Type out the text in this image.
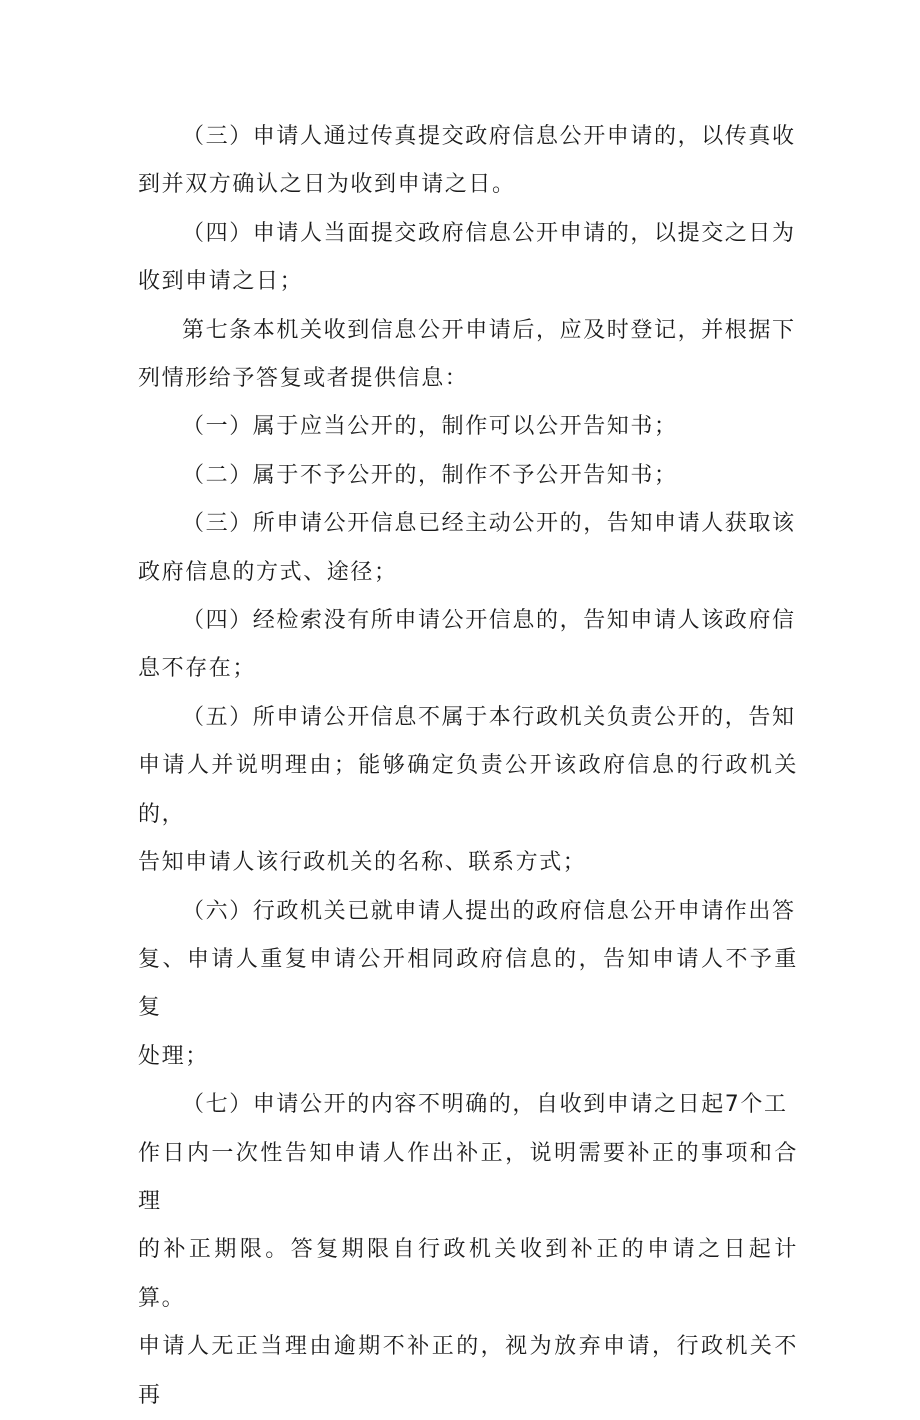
（三）申请人通过传真提交政府信息公开申请的，以传真收
到并双方确认之日为收到申请之日。

（四）申请人当面提交政府信息公开申请的，以提交之日为
收到申请之日；

第七条本机关收到信息公开申请后，应及时登记，并根据下
列情形给予答复或者提供信息：

（一）属于应当公开的，制作可以公开告知书；

（二）属于不予公开的，制作不予公开告知书；

（三）所申请公开信息已经主动公开的，告知申请人获取该
政府信息的方式、途径；

（四）经检索没有所申请公开信息的，告知申请人该政府信
息不存在；

（五）所申请公开信息不属于本行政机关负责公开的，告知
申请人并说明理由；能够确定负责公开该政府信息的行政机关的，
告知申请人该行政机关的名称、联系方式；

（六）行政机关已就申请人提出的政府信息公开申请作出答
复、申请人重复申请公开相同政府信息的，告知申请人不予重复
处理；

（七）申请公开的内容不明确的，自收到申请之日起7个工
作日内一次性告知申请人作出补正，说明需要补正的事项和合理
的补正期限。答复期限自行政机关收到补正的申请之日起计算。
申请人无正当理由逾期不补正的，视为放弃申请，行政机关不再
